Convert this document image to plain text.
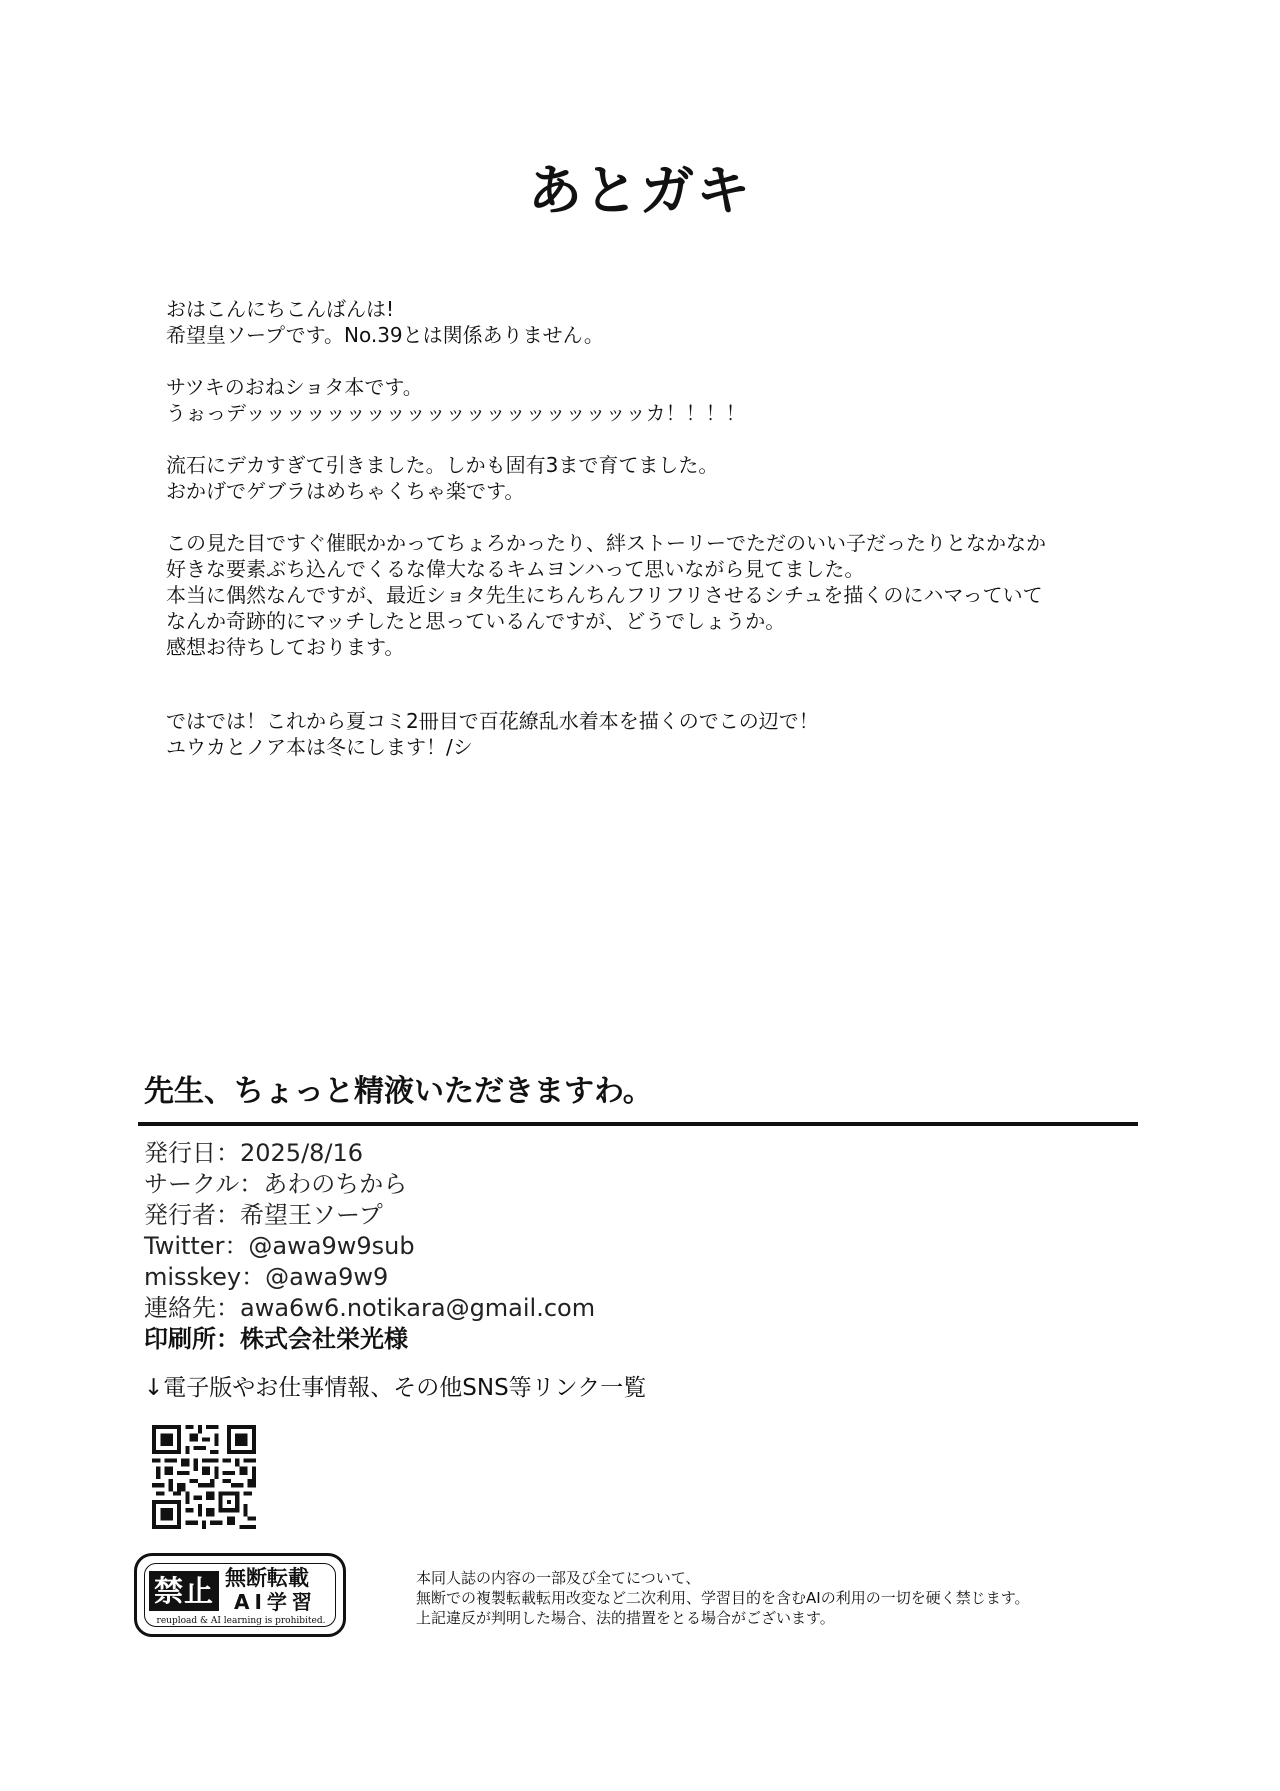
あとガキ
おはこんにちこんばんは!
希望皇ソープです。No.39とは関係ありません。
サツキのおねショタ本です。
うぉっデッッッッッッッッッッッッッッッッッッッッカ！！！！
流石にデカすぎて引きました。しかも固有3まで育てました。
おかげでゲブラはめちゃくちゃ楽です。
この見た目ですぐ催眠かかってちょろかったり、絆ストーリーでただのいい子だったりとなかなか
好きな要素ぶち込んでくるな偉大なるキムヨンハって思いながら見てました。
本当に偶然なんですが、最近ショタ先生にちんちんフリフリさせるシチュを描くのにハマっていて
なんか奇跡的にマッチしたと思っているんですが、どうでしょうか。
感想お待ちしております。
ではでは！これから夏コミ2冊目で百花繚乱水着本を描くのでこの辺で！
ユウカとノア本は冬にします！/シ
先生、ちょっと精液いただきますわ。
発行日：2025/8/16
サークル：あわのちから
発行者：希望王ソープ
Twitter：@awa9w9sub
misskey：@awa9w9
連絡先：awa6w6.notikara@gmail.com
印刷所：株式会社栄光様
↓電子版やお仕事情報、その他SNS等リンク一覧
禁止 無断転載
AI学習
reupload & AI learning is prohibited.
本同人誌の内容の一部及び全てについて、
無断での複製転載転用改変など二次利用、学習目的を含むAIの利用の一切を硬く禁じます。
上記違反が判明した場合、法的措置をとる場合がございます。
